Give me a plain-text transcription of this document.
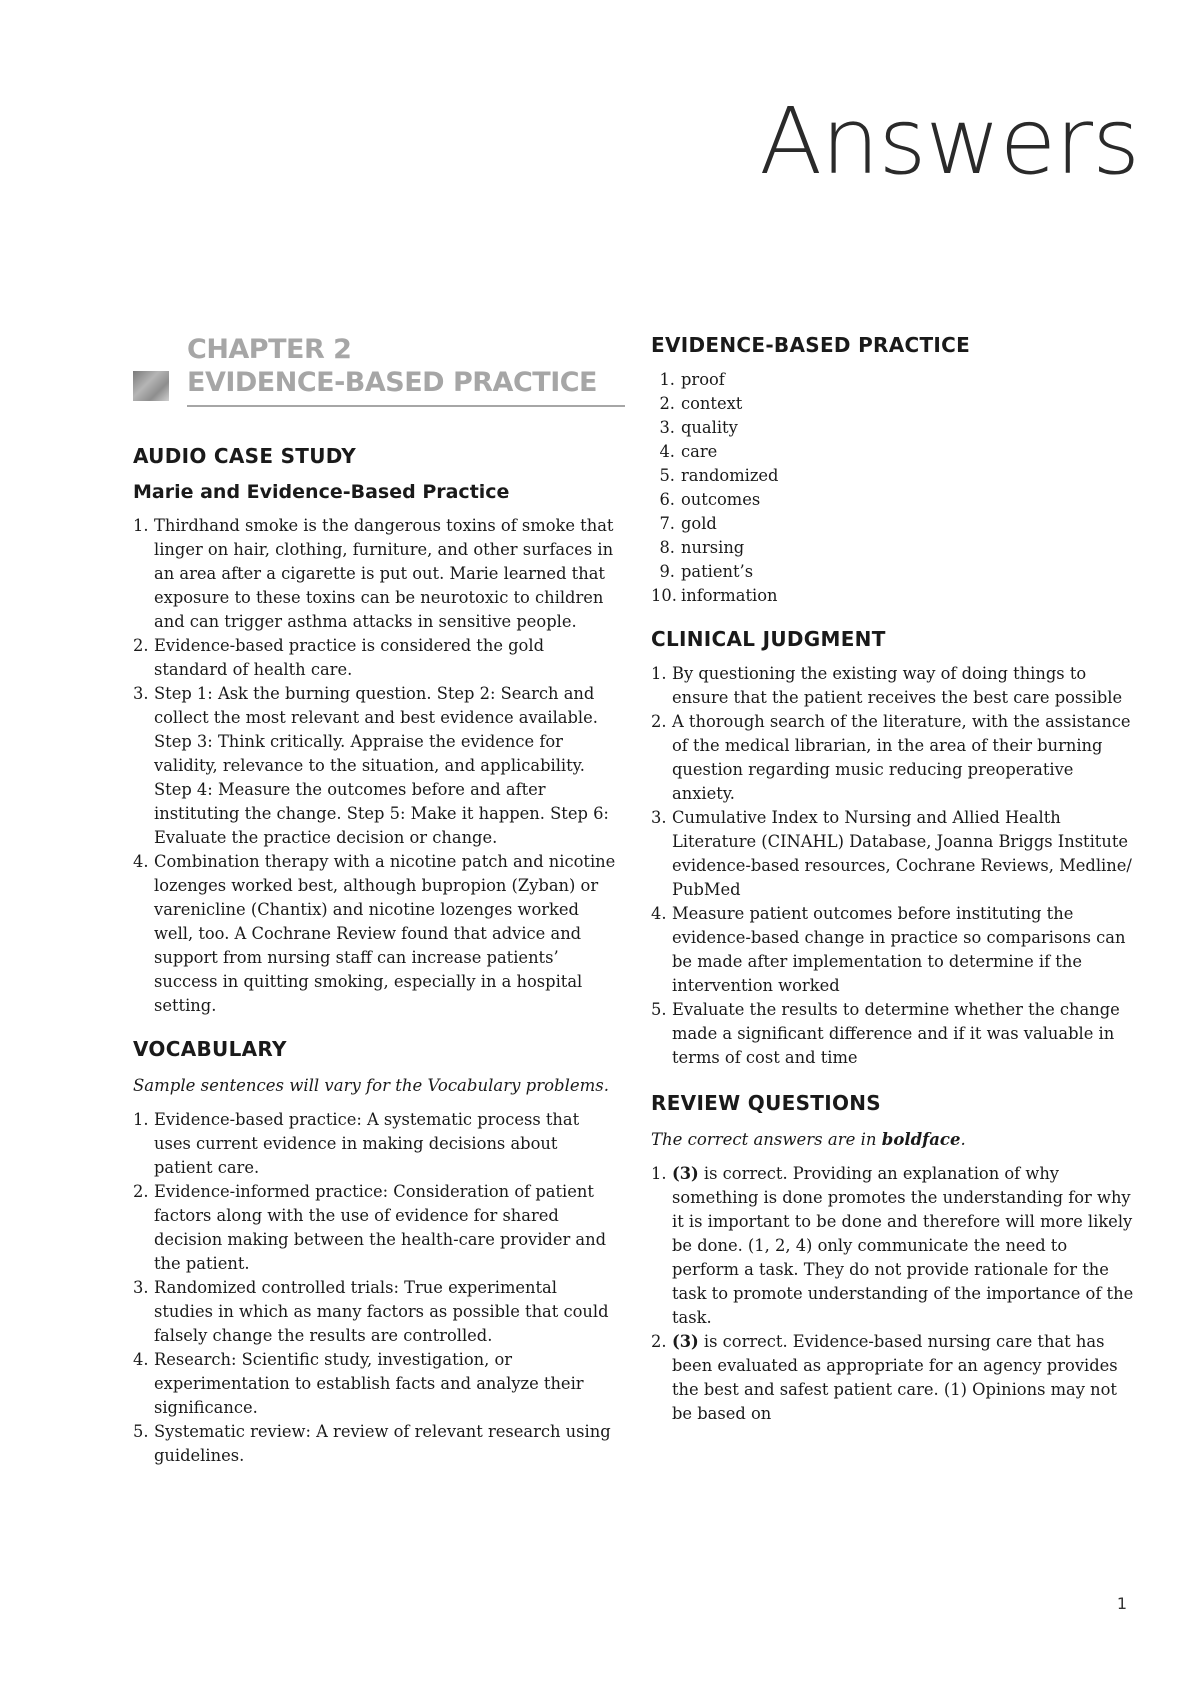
Answers

CHAPTER 2

EVIDENCE-BASED PRACTICE

AUDIO CASE STUDY
Marie and Evidence-Based Practice
1. Thirdhand smoke is the dangerous toxins of smoke that linger on hair, clothing, furniture, and other surfaces in an area after a cigarette is put out. Marie learned that exposure to these toxins can be neurotoxic to children and can trigger asthma attacks in sensitive people.
2. Evidence-based practice is considered the gold standard of health care.
3. Step 1: Ask the burning question. Step 2: Search and collect the most relevant and best evidence available. Step 3: Think critically. Appraise the evidence for validity, relevance to the situation, and applicability. Step 4: Measure the outcomes before and after instituting the change. Step 5: Make it happen. Step 6: Evaluate the practice decision or change.
4. Combination therapy with a nicotine patch and nicotine lozenges worked best, although bupropion (Zyban) or varenicline (Chantix) and nicotine lozenges worked well, too. A Cochrane Review found that advice and support from nursing staff can increase patients’ success in quitting smoking, especially in a hospital setting.
VOCABULARY

Sample sentences will vary for the Vocabulary problems.

1. Evidence-based practice: A systematic process that uses current evidence in making decisions about patient care.
2. Evidence-informed practice: Consideration of patient factors along with the use of evidence for shared decision making between the health-care provider and the patient.
3. Randomized controlled trials: True experimental studies in which as many factors as possible that could falsely change the results are controlled.
4. Research: Scientific study, investigation, or experimentation to establish facts and analyze their significance.
5. Systematic review: A review of relevant research using guidelines.
EVIDENCE-BASED PRACTICE
1. proof
2. context
3. quality
4. care
5. randomized
6. outcomes
7. gold
8. nursing
9. patient’s
10. information
CLINICAL JUDGMENT
1. By questioning the existing way of doing things to ensure that the patient receives the best care possible
2. A thorough search of the literature, with the assistance of the medical librarian, in the area of their burning question regarding music reducing preoperative anxiety.
3. Cumulative Index to Nursing and Allied Health Literature (CINAHL) Database, Joanna Briggs Institute evidence-based resources, Cochrane Reviews, Medline/ PubMed
4. Measure patient outcomes before instituting the evidence-based change in practice so comparisons can be made after implementation to determine if the intervention worked
5. Evaluate the results to determine whether the change made a significant difference and if it was valuable in terms of cost and time
REVIEW QUESTIONS

The correct answers are in boldface.

1. (3) is correct. Providing an explanation of why something is done promotes the understanding for why it is important to be done and therefore will more likely be done. (1, 2, 4) only communicate the need to perform a task. They do not provide rationale for the task to promote understanding of the importance of the task.
2. (3) is correct. Evidence-based nursing care that has been evaluated as appropriate for an agency provides the best and safest patient care. (1) Opinions may not be based on
1
